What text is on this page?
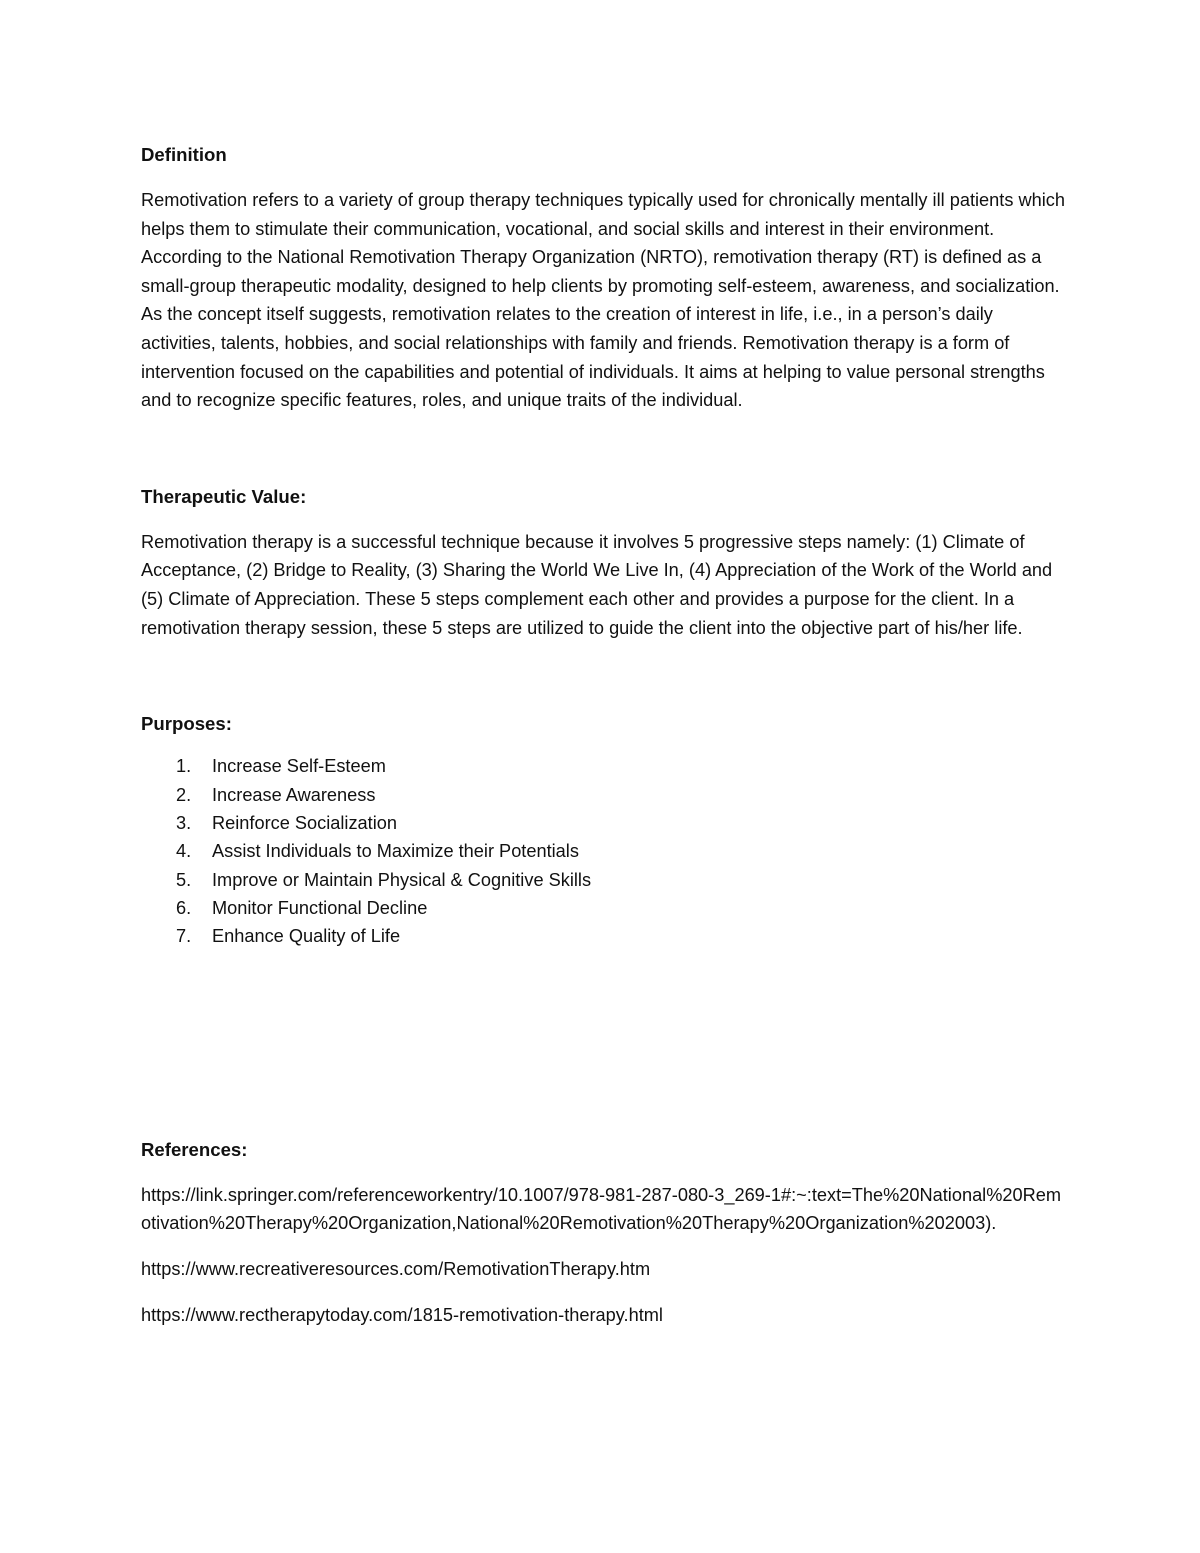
Definition

Remotivation refers to a variety of group therapy techniques typically used for chronically mentally ill patients which helps them to stimulate their communication, vocational, and social skills and interest in their environment. According to the National Remotivation Therapy Organization (NRTO), remotivation therapy (RT) is defined as a small-group therapeutic modality, designed to help clients by promoting self-esteem, awareness, and socialization. As the concept itself suggests, remotivation relates to the creation of interest in life, i.e., in a person’s daily activities, talents, hobbies, and social relationships with family and friends. Remotivation therapy is a form of intervention focused on the capabilities and potential of individuals. It aims at helping to value personal strengths and to recognize specific features, roles, and unique traits of the individual.

Therapeutic Value:

Remotivation therapy is a successful technique because it involves 5 progressive steps namely: (1) Climate of Acceptance, (2) Bridge to Reality, (3) Sharing the World We Live In, (4) Appreciation of the Work of the World and (5) Climate of Appreciation. These 5 steps complement each other and provides a purpose for the client. In a remotivation therapy session, these 5 steps are utilized to guide the client into the objective part of his/her life.

Purposes:
1. Increase Self-Esteem
2. Increase Awareness
3. Reinforce Socialization
4. Assist Individuals to Maximize their Potentials
5. Improve or Maintain Physical & Cognitive Skills
6. Monitor Functional Decline
7. Enhance Quality of Life
References:

https://link.springer.com/referenceworkentry/10.1007/978-981-287-080-3_269-1#:~:text=The%20National%20Remotivation%20Therapy%20Organization,National%20Remotivation%20Therapy%20Organization%202003).

https://www.recreativeresources.com/RemotivationTherapy.htm

https://www.rectherapytoday.com/1815-remotivation-therapy.html
